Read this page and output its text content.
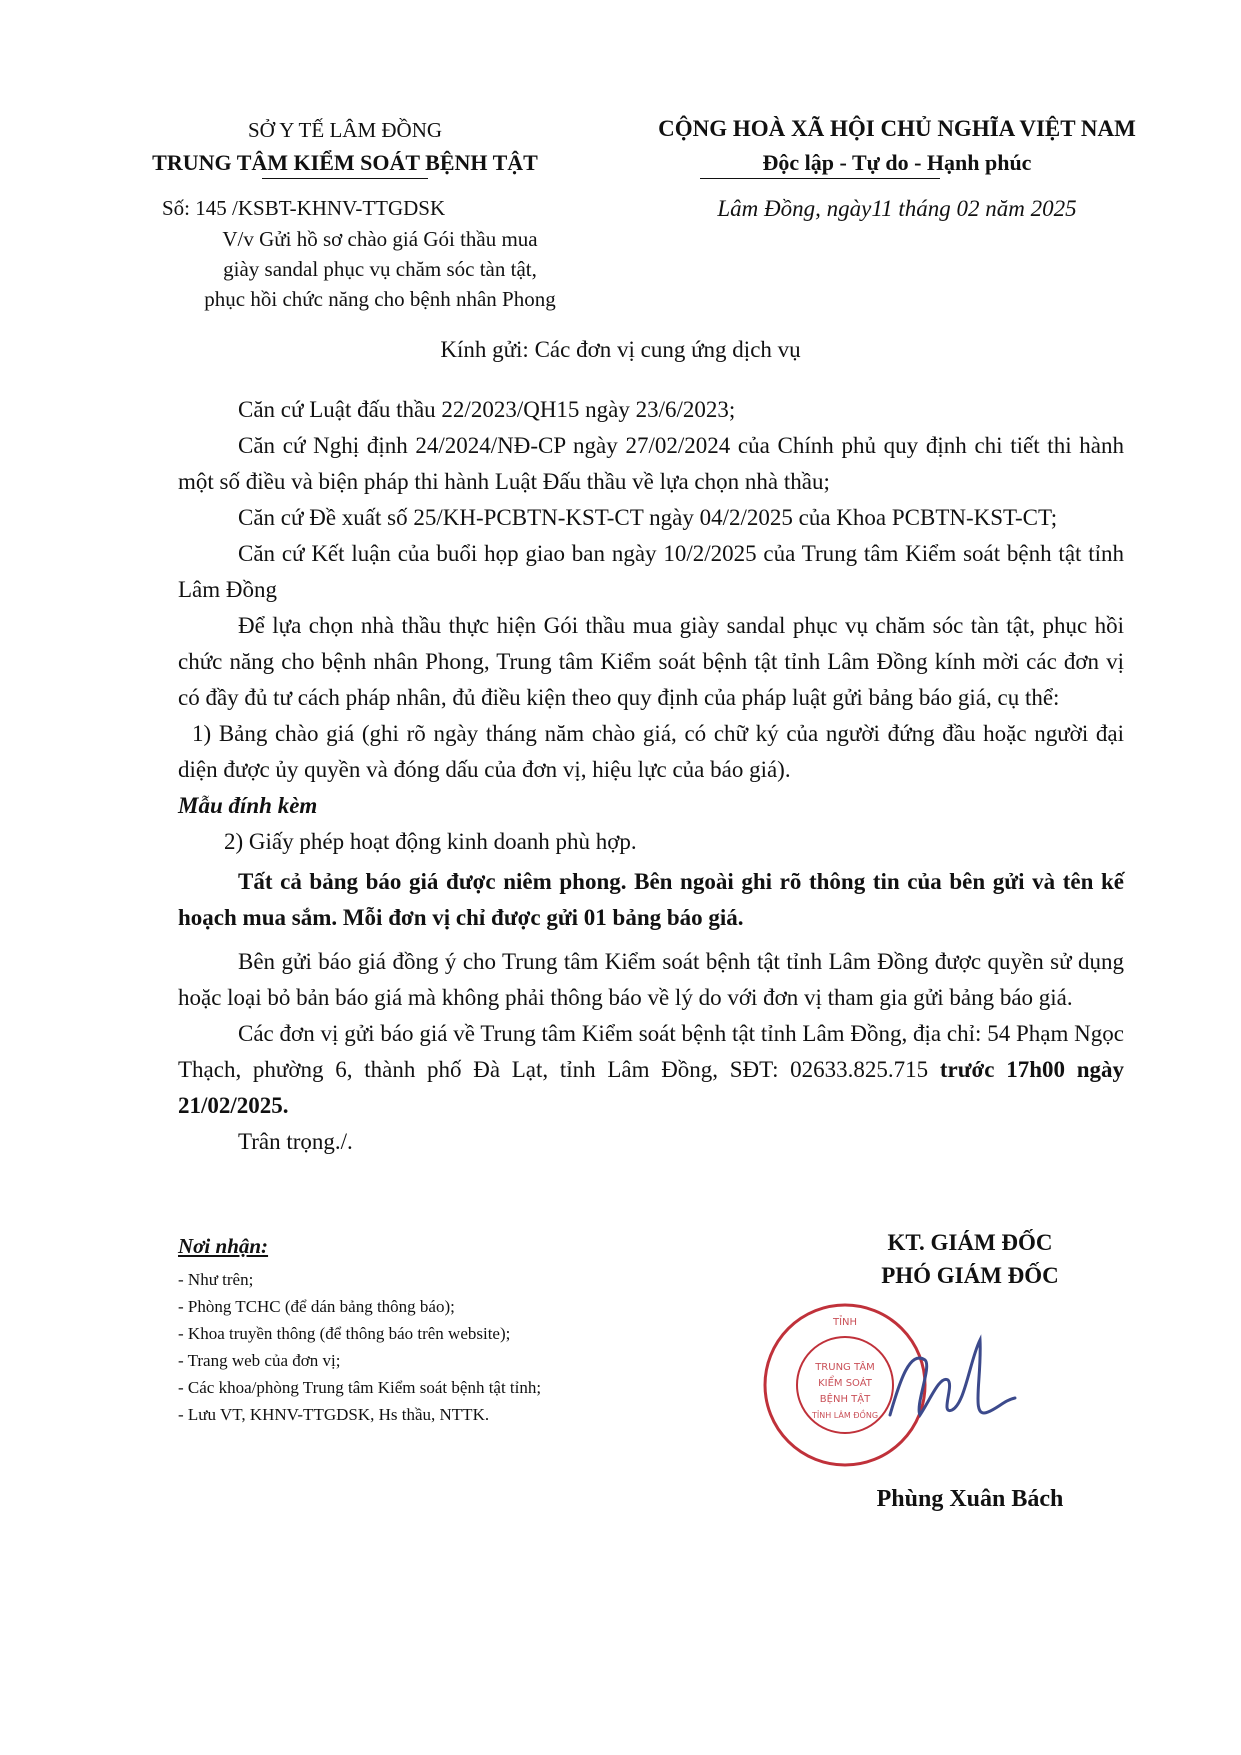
SỞ Y TẾ LÂM ĐỒNG
TRUNG TÂM KIỂM SOÁT BỆNH TẬT
Số: 145 /KSBT-KHNV-TTGDSK
V/v Gửi hồ sơ chào giá Gói thầu mua
giày sandal phục vụ chăm sóc tàn tật,
phục hồi chức năng cho bệnh nhân Phong
CỘNG HOÀ XÃ HỘI CHỦ NGHĨA VIỆT NAM
Độc lập - Tự do - Hạnh phúc
Lâm Đồng, ngày11 tháng 02 năm 2025
Kính gửi: Các đơn vị cung ứng dịch vụ

Căn cứ Luật đấu thầu 22/2023/QH15 ngày 23/6/2023;

Căn cứ Nghị định 24/2024/NĐ-CP ngày 27/02/2024 của Chính phủ quy định chi tiết thi hành một số điều và biện pháp thi hành Luật Đấu thầu về lựa chọn nhà thầu;

Căn cứ Đề xuất số 25/KH-PCBTN-KST-CT ngày 04/2/2025 của Khoa PCBTN-KST-CT;

Căn cứ Kết luận của buổi họp giao ban ngày 10/2/2025 của Trung tâm Kiểm soát bệnh tật tỉnh Lâm Đồng

Để lựa chọn nhà thầu thực hiện Gói thầu mua giày sandal phục vụ chăm sóc tàn tật, phục hồi chức năng cho bệnh nhân Phong, Trung tâm Kiểm soát bệnh tật tỉnh Lâm Đồng kính mời các đơn vị có đầy đủ tư cách pháp nhân, đủ điều kiện theo quy định của pháp luật gửi bảng báo giá, cụ thể:

1) Bảng chào giá (ghi rõ ngày tháng năm chào giá, có chữ ký của người đứng đầu hoặc người đại diện được ủy quyền và đóng dấu của đơn vị, hiệu lực của báo giá).

Mẫu đính kèm

2) Giấy phép hoạt động kinh doanh phù hợp.

Tất cả bảng báo giá được niêm phong. Bên ngoài ghi rõ thông tin của bên gửi và tên kế hoạch mua sắm. Mỗi đơn vị chỉ được gửi 01 bảng báo giá.

Bên gửi báo giá đồng ý cho Trung tâm Kiểm soát bệnh tật tỉnh Lâm Đồng được quyền sử dụng hoặc loại bỏ bản báo giá mà không phải thông báo về lý do với đơn vị tham gia gửi bảng báo giá.

Các đơn vị gửi báo giá về Trung tâm Kiểm soát bệnh tật tỉnh Lâm Đồng, địa chỉ: 54 Phạm Ngọc Thạch, phường 6, thành phố Đà Lạt, tỉnh Lâm Đồng, SĐT: 02633.825.715 trước 17h00 ngày 21/02/2025.

Trân trọng./.

Nơi nhận:
- Như trên;
- Phòng TCHC (để dán bảng thông báo);
- Khoa truyền thông (để thông báo trên website);
- Trang web của đơn vị;
- Các khoa/phòng Trung tâm Kiểm soát bệnh tật tỉnh;
- Lưu VT, KHNV-TTGDSK, Hs thầu, NTTK.
KT. GIÁM ĐỐC
PHÓ GIÁM ĐỐC
TỈNH
TRUNG TÂM
KIỂM SOÁT
BỆNH TẬT
TỈNH LÂM ĐỒNG
Phùng Xuân Bách
